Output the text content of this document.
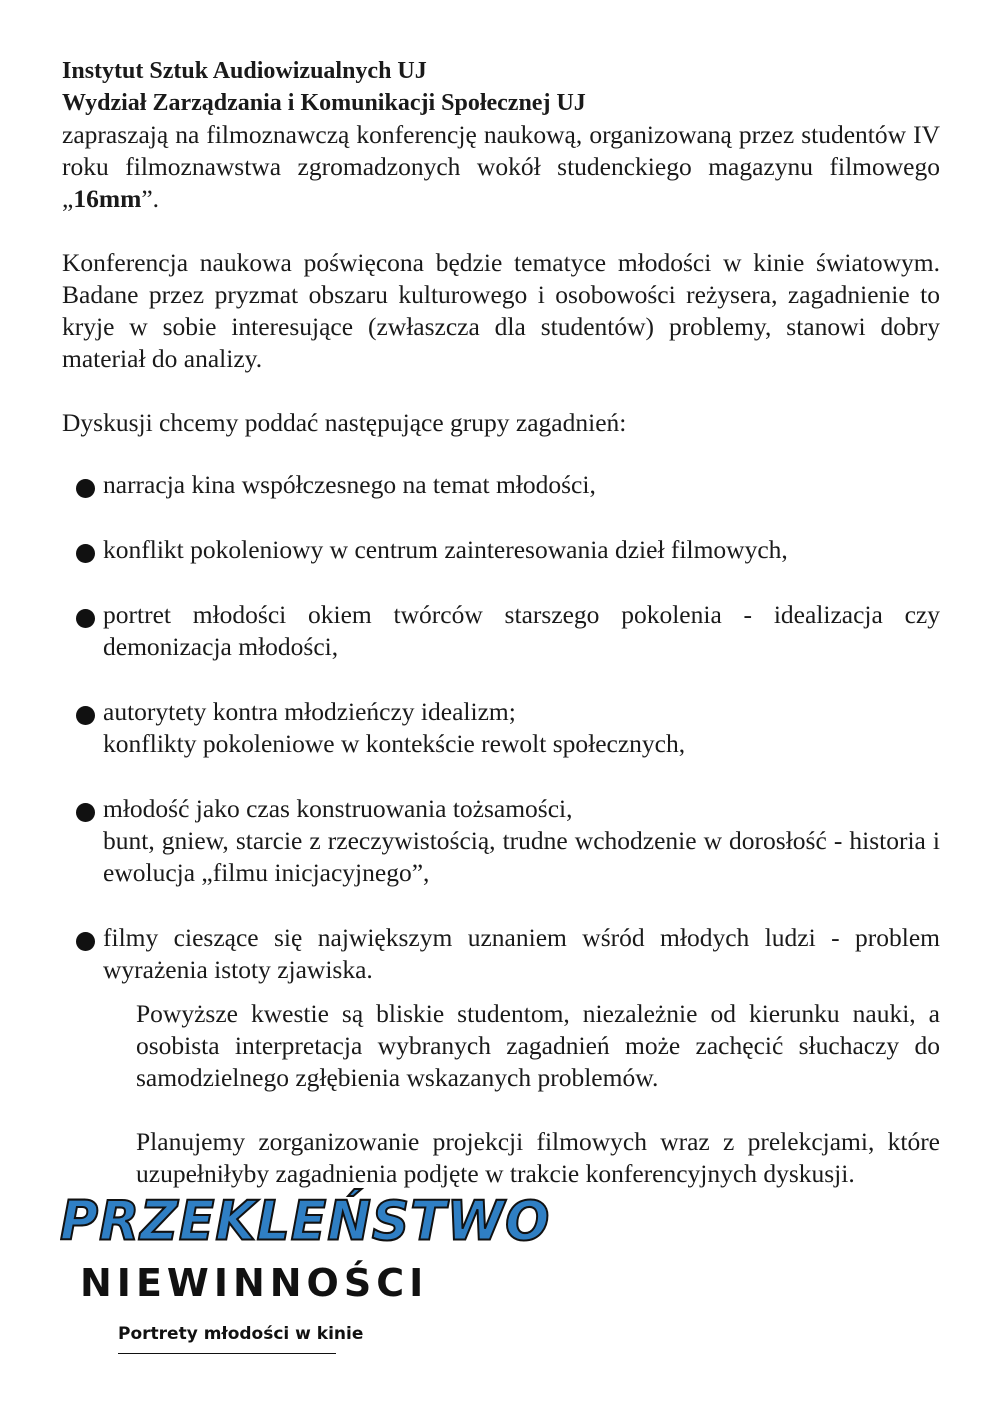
Instytut Sztuk Audiowizualnych UJ
Wydział Zarządzania i Komunikacji Społecznej UJ

zapraszają na filmoznawczą konferencję naukową, organizowaną przez studentów IV roku filmoznawstwa zgromadzonych wokół studenckiego magazynu filmowego „16mm”.

Konferencja naukowa poświęcona będzie tematyce młodości w kinie światowym. Badane przez pryzmat obszaru kulturowego i osobowości reżysera, zagadnienie to kryje w sobie interesujące (zwłaszcza dla studentów) problemy, stanowi dobry materiał do analizy.

Dyskusji chcemy poddać następujące grupy zagadnień:

narracja kina współczesnego na temat młodości,
konflikt pokoleniowy w centrum zainteresowania dzieł filmowych,
portret młodości okiem twórców starszego pokolenia - idealizacja czy demonizacja młodości,
autorytety kontra młodzieńczy idealizm;
konflikty pokoleniowe w kontekście rewolt społecznych,
młodość jako czas konstruowania tożsamości,
bunt, gniew, starcie z rzeczywistością, trudne wchodzenie w dorosłość - historia i ewolucja „filmu inicjacyjnego”,
filmy cieszące się największym uznaniem wśród młodych ludzi - problem wyrażenia istoty zjawiska.

Powyższe kwestie są bliskie studentom, niezależnie od kierunku nauki, a osobista interpretacja wybranych zagadnień może zachęcić słuchaczy do samodzielnego zgłębienia wskazanych problemów.

Planujemy zorganizowanie projekcji filmowych wraz z prelekcjami, które uzupełniłyby zagadnienia podjęte w trakcie konferencyjnych dyskusji.

PRZEKLEŃSTWO
NIEWINNOŚCI
Portrety młodości w kinie
